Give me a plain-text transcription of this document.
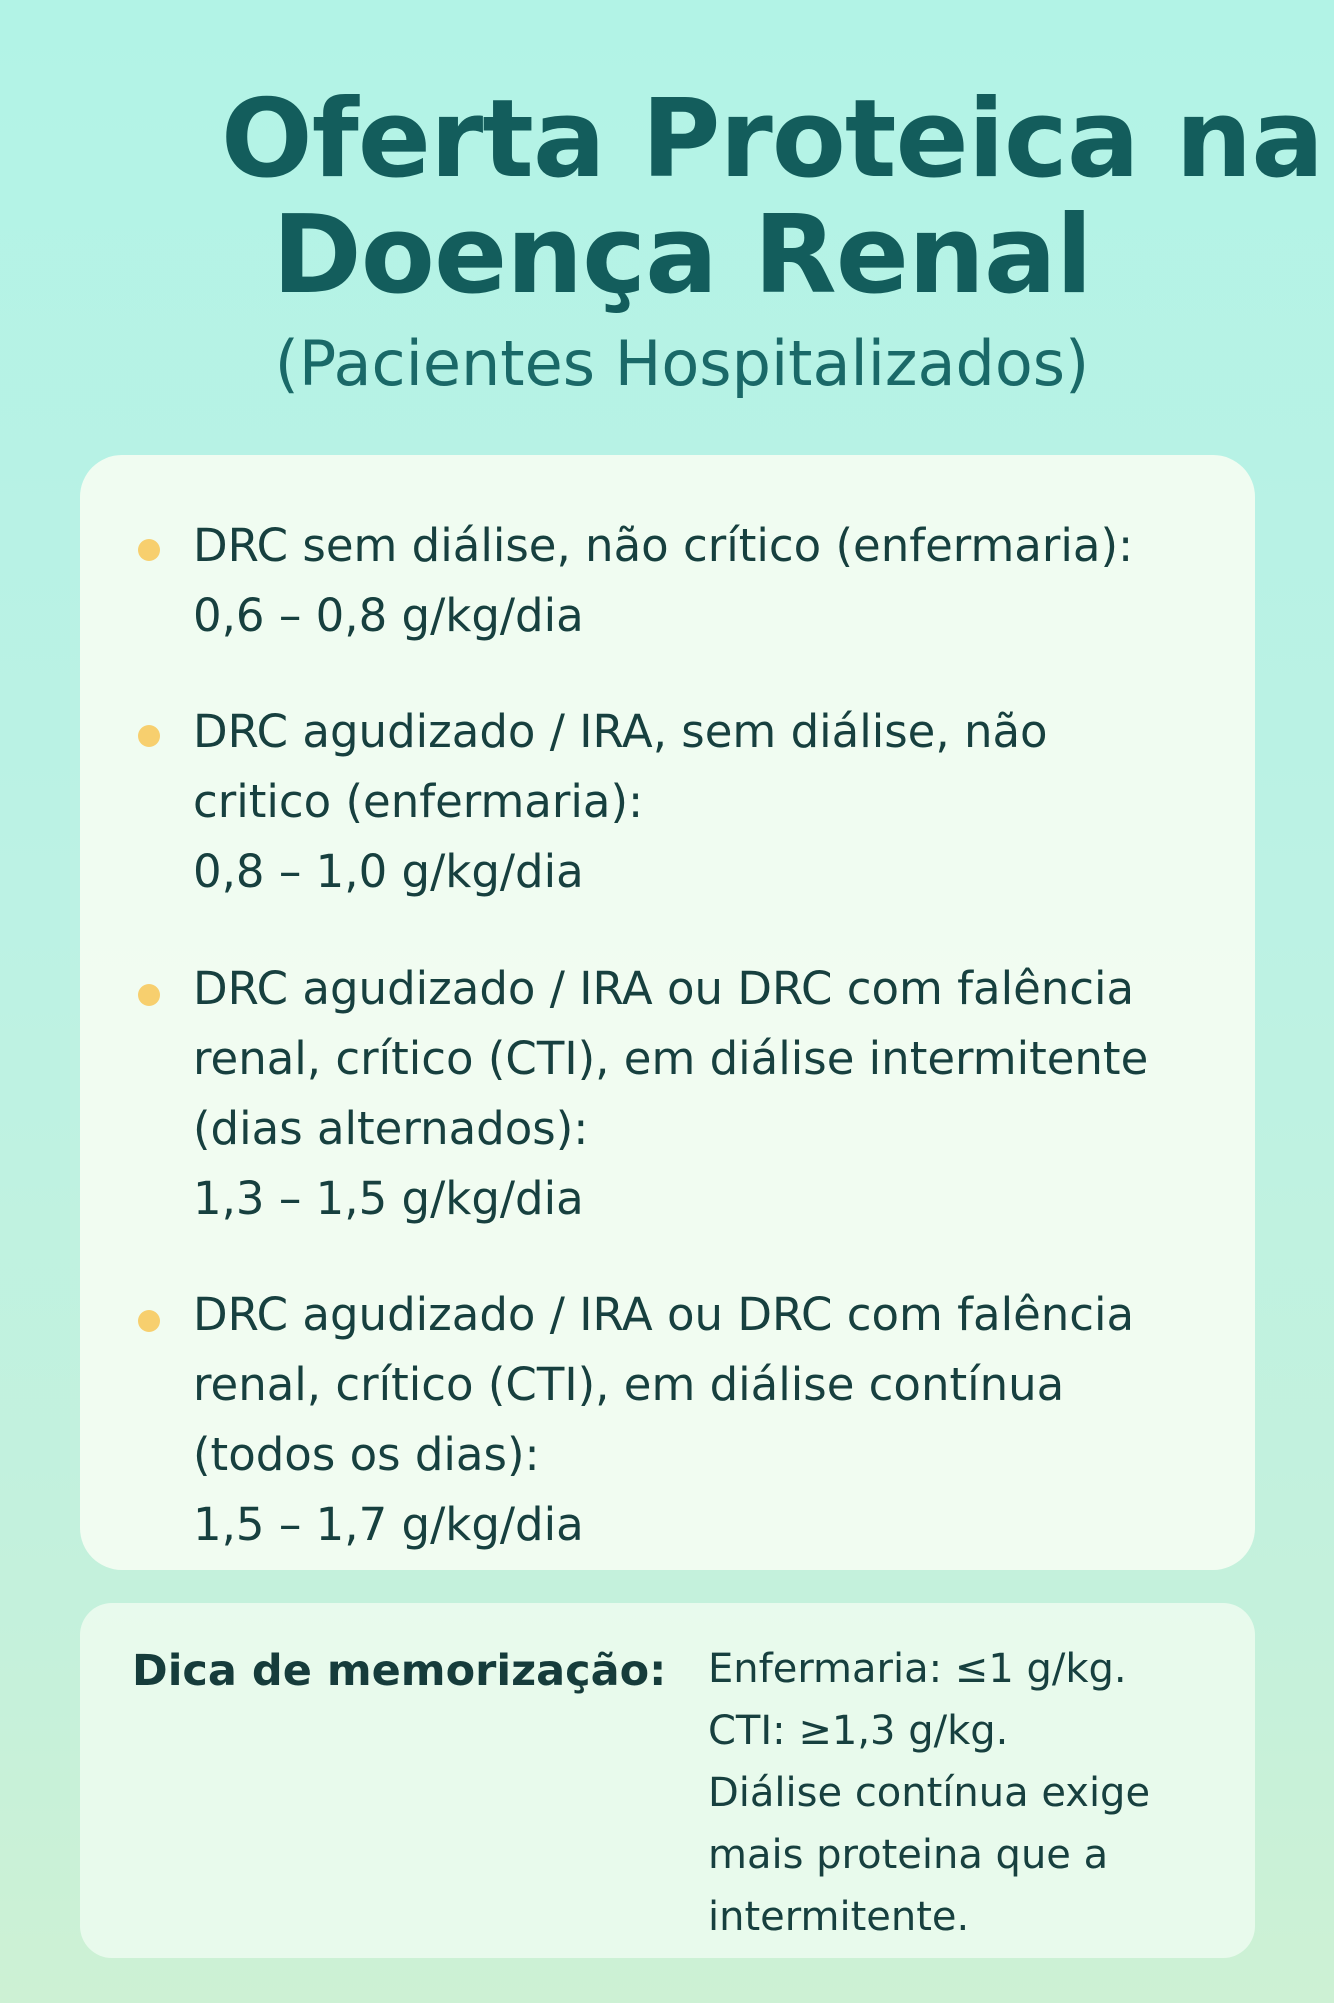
Oferta Proteica na
Doença Renal

(Pacientes Hospitalizados)

DRC sem diálise, não crítico (enfermaria):
0,6 – 0,8 g/kg/dia
DRC agudizado / IRA, sem diálise, não critico (enfermaria):
0,8 – 1,0 g/kg/dia
DRC agudizado / IRA ou DRC com falência renal, crítico (CTI), em diálise intermitente (dias alternados):
1,3 – 1,5 g/kg/dia
DRC agudizado / IRA ou DRC com falência renal, crítico (CTI), em diálise contínua (todos os dias):
1,5 – 1,7 g/kg/dia
Dica de memorização: Enfermaria: ≤1 g/kg.
CTI: ≥1,3 g/kg.
Diálise contínua exige
mais proteina que a
intermitente.
